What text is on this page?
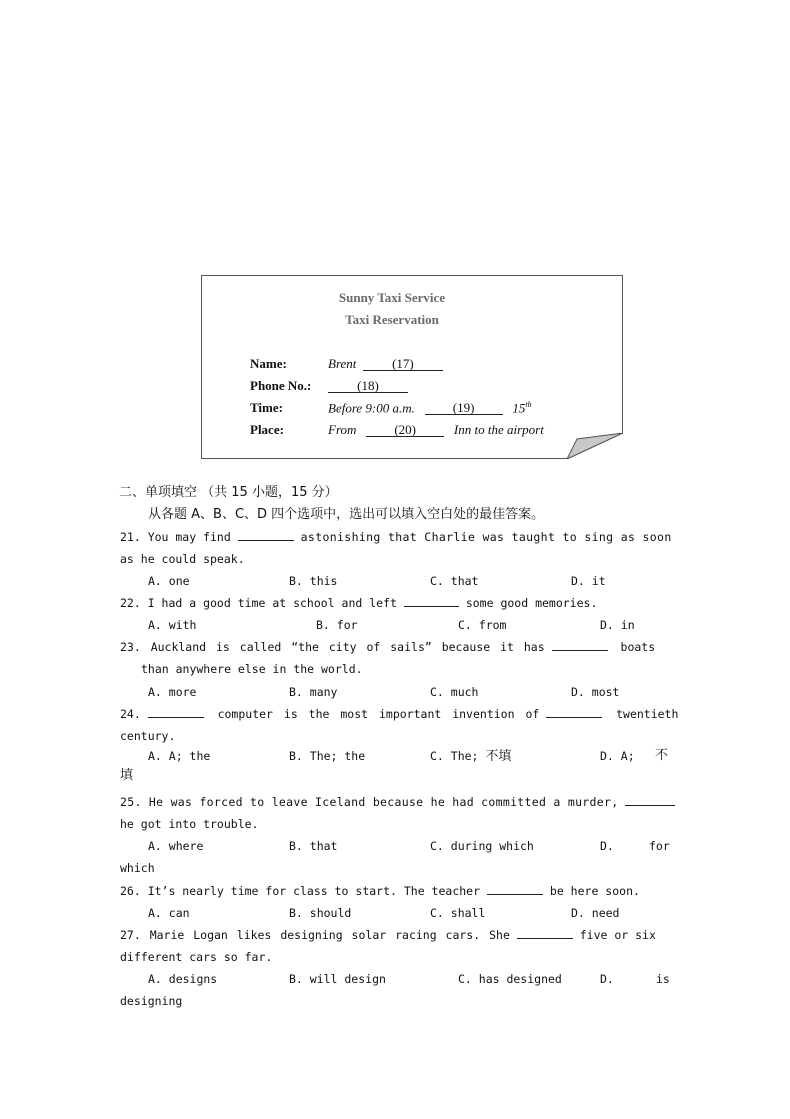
Sunny Taxi Service
Taxi Reservation
Name:	Brent	(17)
Phone No.:	(18)
Time:	Before 9:00 a.m.	(19)	15th
Place:	From	(20)	Inn to the airport
二、单项填空 （共 15 小题，15 分）
从各题 A、B、C、D 四个选项中，选出可以填入空白处的最佳答案。
21. You may find	astonishing that Charlie was taught to sing as soon
as he could speak.
A. one	B. this	C. that	D. it
22. I had a good time at school and left	some good memories.
A. with	B. for	C. from	D. in
23. Auckland is called “the city of sails” because it has	boats
than anywhere else in the world.
A. more	B. many	C. much	D. most
24.	computer is the most important invention of	twentieth
century.
A. A; the	B. The; the	C. The; 不填	D. A; 不
填
25. He was forced to leave Iceland because he had committed a murder,
he got into trouble.
A. where	B. that	C. during which	D.	for
which
26. It’s nearly time for class to start. The teacher	be here soon.
A. can	B. should	C. shall	D. need
27. Marie Logan likes designing solar racing cars. She	five or six
different cars so far.
A. designs	B. will design	C. has designed	D.	is
designing
